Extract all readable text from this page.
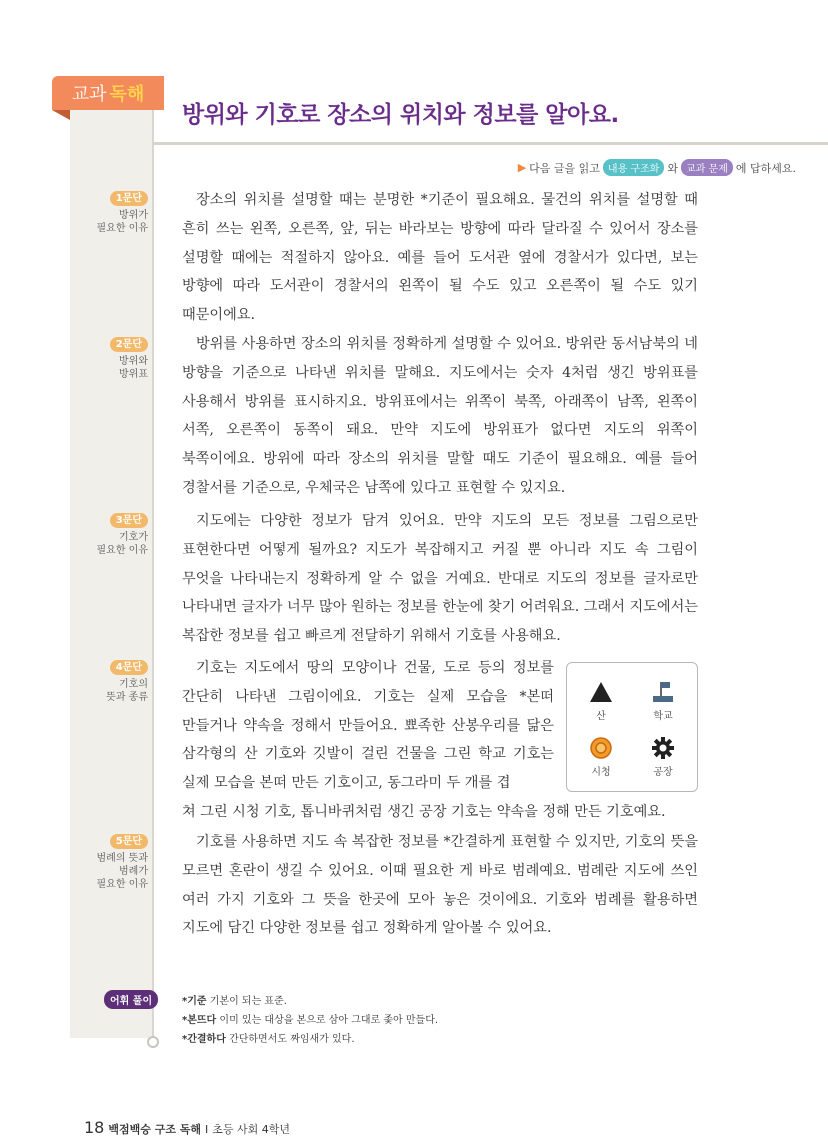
교과 독해
방위와 기호로 장소의 위치와 정보를 알아요.
▶ 다음 글을 읽고 내용 구조화 와 교과 문제 에 답하세요.
1문단
방위가
필요한 이유
2문단
방위와
방위표
3문단
기호가
필요한 이유
4문단
기호의
뜻과 종류
5문단
범례의 뜻과
범례가
필요한 이유
장소의 위치를 설명할 때는 분명한 *기준이 필요해요. 물건의 위치를 설명할 때 흔히 쓰는 왼쪽, 오른쪽, 앞, 뒤는 바라보는 방향에 따라 달라질 수 있어서 장소를 설명할 때에는 적절하지 않아요. 예를 들어 도서관 옆에 경찰서가 있다면, 보는 방향에 따라 도서관이 경찰서의 왼쪽이 될 수도 있고 오른쪽이 될 수도 있기 때문이에요.
방위를 사용하면 장소의 위치를 정확하게 설명할 수 있어요. 방위란 동서남북의 네 방향을 기준으로 나타낸 위치를 말해요. 지도에서는 숫자 4처럼 생긴 방위표를 사용해서 방위를 표시하지요. 방위표에서는 위쪽이 북쪽, 아래쪽이 남쪽, 왼쪽이 서쪽, 오른쪽이 동쪽이 돼요. 만약 지도에 방위표가 없다면 지도의 위쪽이 북쪽이에요. 방위에 따라 장소의 위치를 말할 때도 기준이 필요해요. 예를 들어 경찰서를 기준으로, 우체국은 남쪽에 있다고 표현할 수 있지요.
지도에는 다양한 정보가 담겨 있어요. 만약 지도의 모든 정보를 그림으로만 표현한다면 어떻게 될까요? 지도가 복잡해지고 커질 뿐 아니라 지도 속 그림이 무엇을 나타내는지 정확하게 알 수 없을 거예요. 반대로 지도의 정보를 글자로만 나타내면 글자가 너무 많아 원하는 정보를 한눈에 찾기 어려워요. 그래서 지도에서는 복잡한 정보를 쉽고 빠르게 전달하기 위해서 기호를 사용해요.
기호는 지도에서 땅의 모양이나 건물, 도로 등의 정보를 간단히 나타낸 그림이에요. 기호는 실제 모습을 *본떠 만들거나 약속을 정해서 만들어요. 뾰족한 산봉우리를 닮은 삼각형의 산 기호와 깃발이 걸린 건물을 그린 학교 기호는 실제 모습을 본떠 만든 기호이고, 동그라미 두 개를 겹
쳐 그린 시청 기호, 톱니바퀴처럼 생긴 공장 기호는 약속을 정해 만든 기호예요.
기호를 사용하면 지도 속 복잡한 정보를 *간결하게 표현할 수 있지만, 기호의 뜻을 모르면 혼란이 생길 수 있어요. 이때 필요한 게 바로 범례예요. 범례란 지도에 쓰인 여러 가지 기호와 그 뜻을 한곳에 모아 놓은 것이에요. 기호와 범례를 활용하면 지도에 담긴 다양한 정보를 쉽고 정확하게 알아볼 수 있어요.
산	학교
시청	공장
어휘 풀이	*기준 기본이 되는 표준.
*본뜨다 이미 있는 대상을 본으로 삼아 그대로 좇아 만들다.
*간결하다 간단하면서도 짜임새가 있다.
18 백점백승 구조 독해 I 초등 사회 4학년
